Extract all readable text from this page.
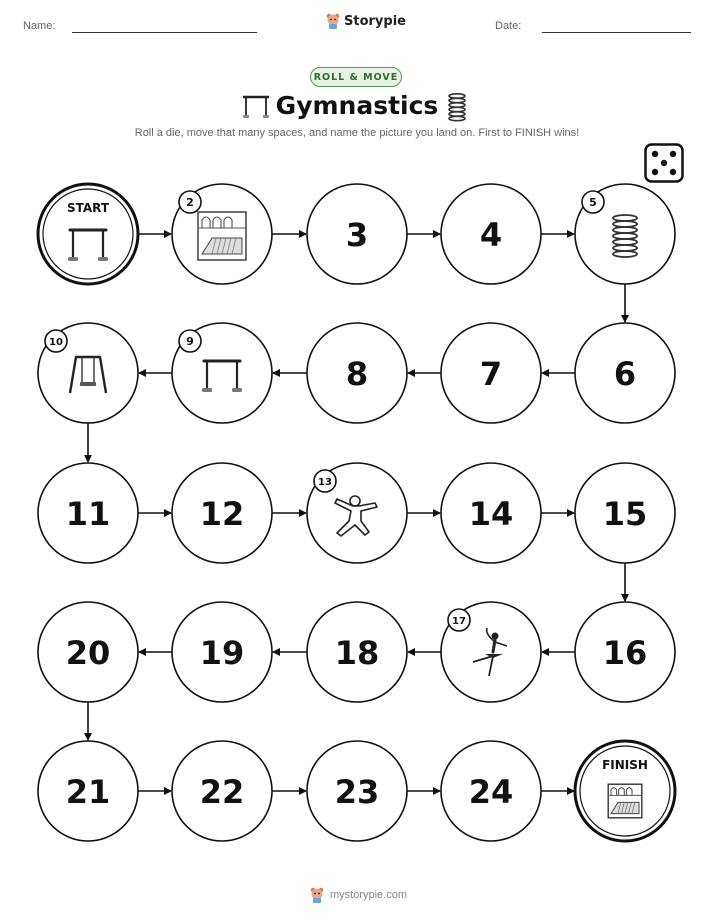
Name:	Storypie	Date:
ROLL & MOVE
Gymnastics
Roll a die, move that many spaces, and name the picture you land on. First to FINISH wins!
START	2
3	4
5
6
7
8
9
10
11	12
13
14	15
16
17
18
19
20
21	22	23	24
FINISH
mystorypie.com
